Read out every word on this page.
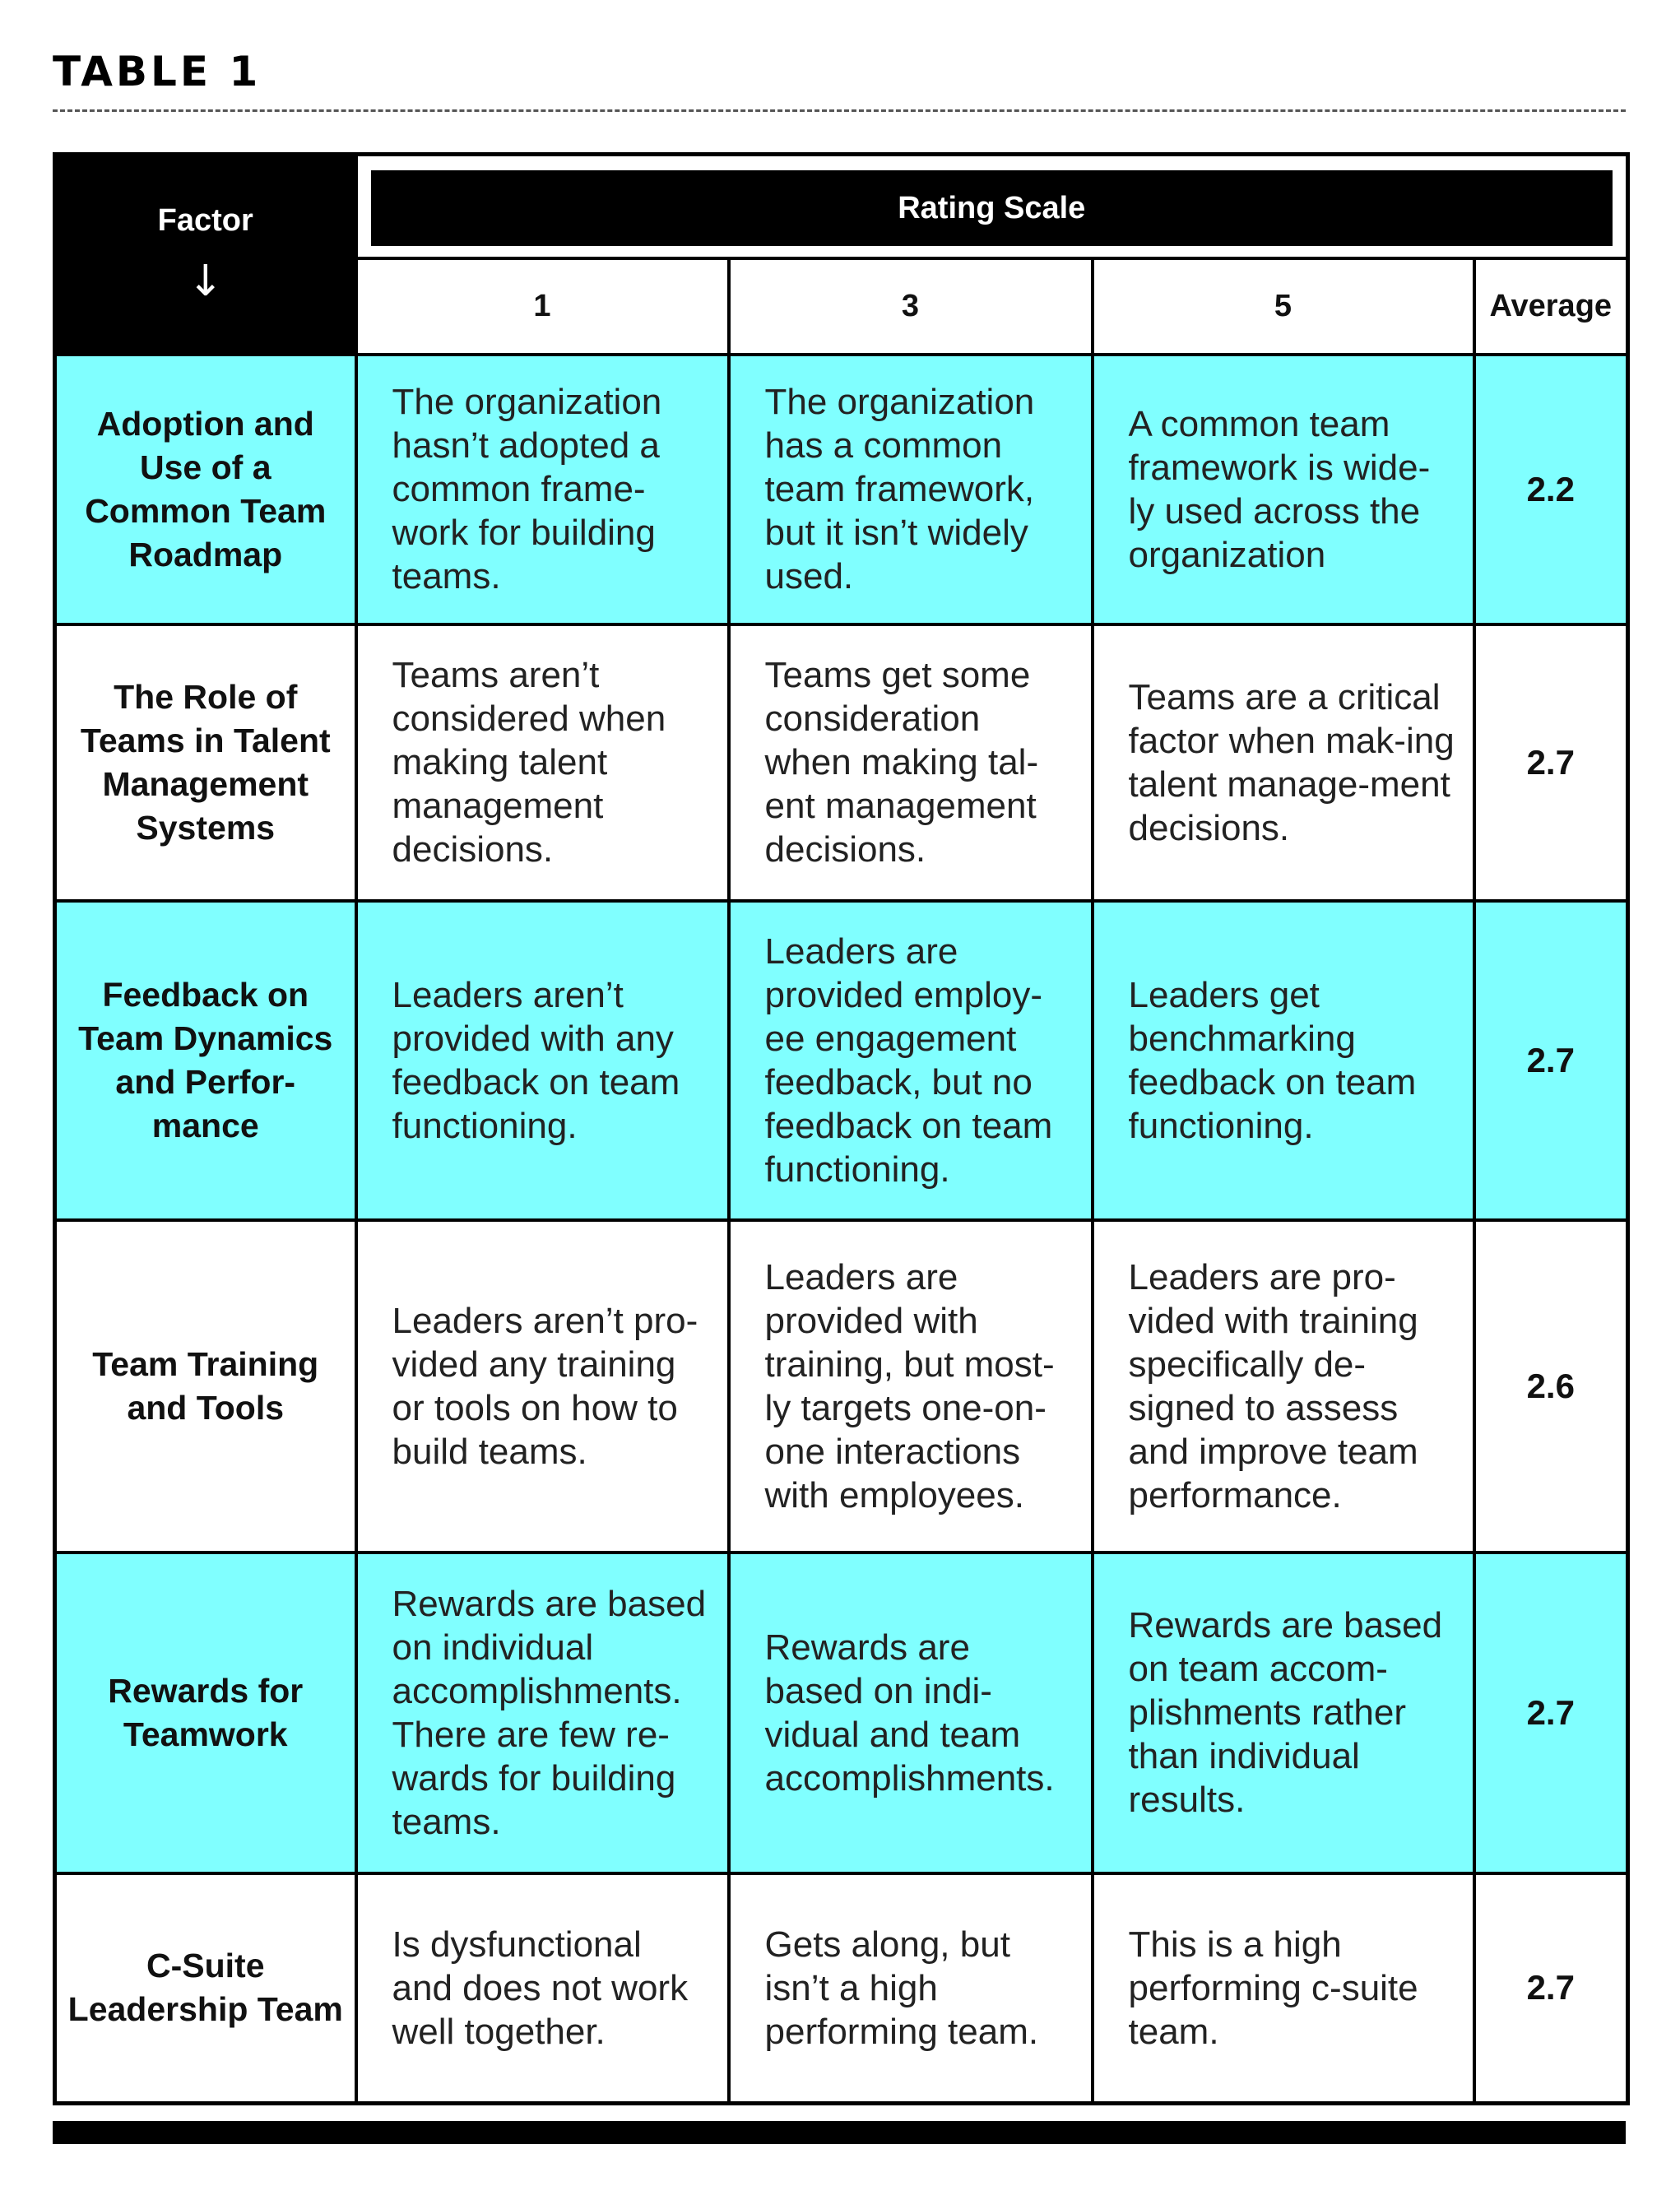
TABLE 1
Factor
↓	Rating Scale			

	1	3	5	Average
Adoption and Use of a Common Team Roadmap	The organization hasn’t adopted a common frame-work for building teams.	The organization has a common team framework, but it isn’t widely used.	A common team framework is wide-ly used across the organization	2.2
The Role of Teams in Talent Management Systems	Teams aren’t considered when making talent management decisions.	Teams get some consideration when making tal-ent management decisions.	Teams are a critical factor when mak-ing talent manage-ment decisions.	2.7
Feedback on Team Dynamics and Perfor-mance	Leaders aren’t provided with any feedback on team functioning.	Leaders are provided employ-ee engagement feedback, but no feedback on team functioning.	Leaders get benchmarking feedback on team functioning.	2.7
Team Training and Tools	Leaders aren’t pro-vided any training or tools on how to build teams.	Leaders are provided with training, but most-ly targets one-on-one interactions with employees.	Leaders are pro-vided with training specifically de-signed to assess and improve team performance.	2.6
Rewards for Teamwork	Rewards are based on individual accomplishments. There are few re-wards for building teams.	Rewards are based on indi-vidual and team accomplishments.	Rewards are based on team accom-plishments rather than individual results.	2.7
C-Suite Leadership Team	Is dysfunctional and does not work well together.	Gets along, but isn’t a high performing team.	This is a high performing c-suite team.	2.7
